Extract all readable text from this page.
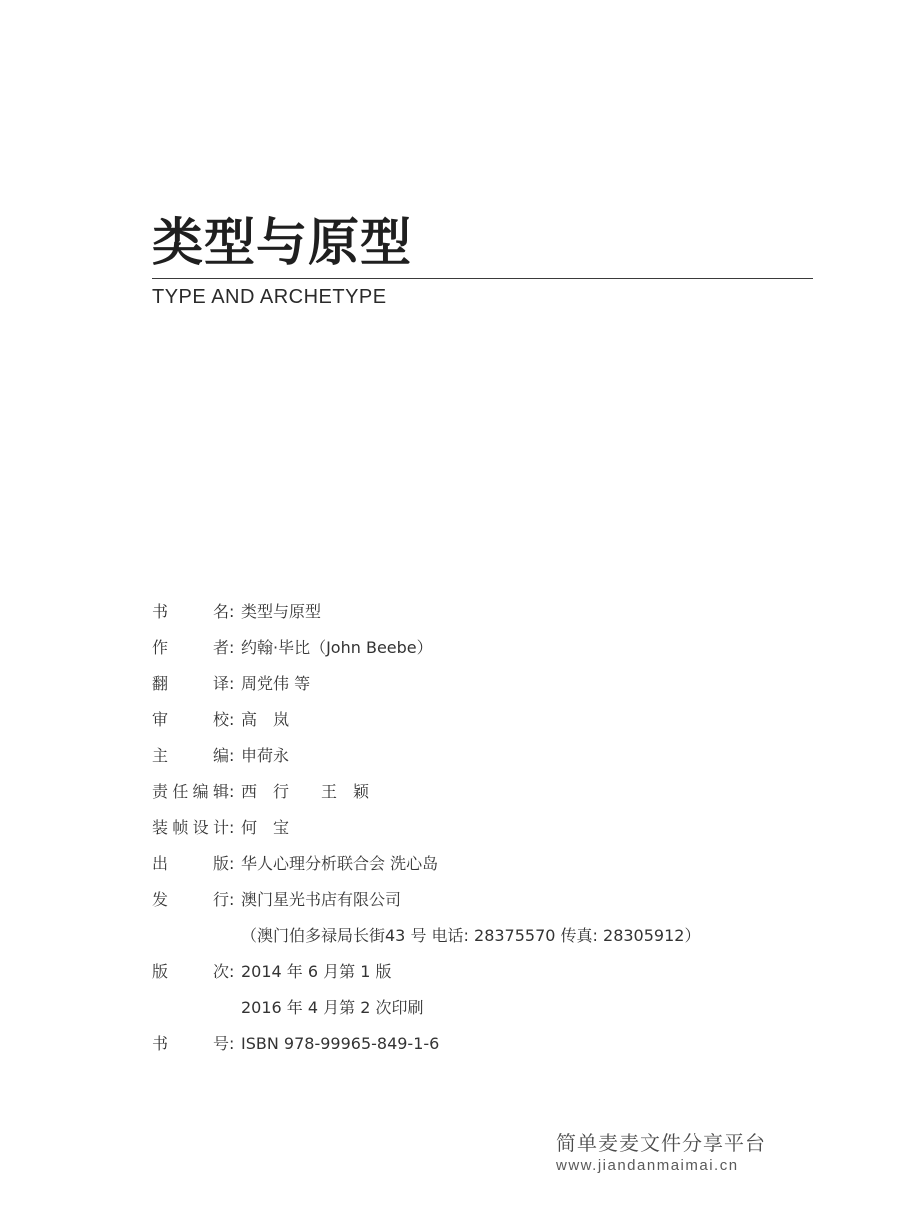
类型与原型
TYPE AND ARCHETYPE
书	名 : 类型与原型
作	者 : 约翰·毕比（John Beebe）
翻	译 : 周党伟 等
审	校 : 高　岚
主	编 : 申荷永
责 任 编 辑 : 西　行　　王　颖
装 帧 设 计 : 何　宝
出	版 : 华人心理分析联合会 洗心岛
发	行 : 澳门星光书店有限公司
（澳门伯多禄局长街43 号 电话: 28375570 传真: 28305912）
版	次 : 2014 年 6 月第 1 版
2016 年 4 月第 2 次印刷
书	号 : ISBN 978-99965-849-1-6
简单麦麦文件分享平台
www.jiandanmaimai.cn
